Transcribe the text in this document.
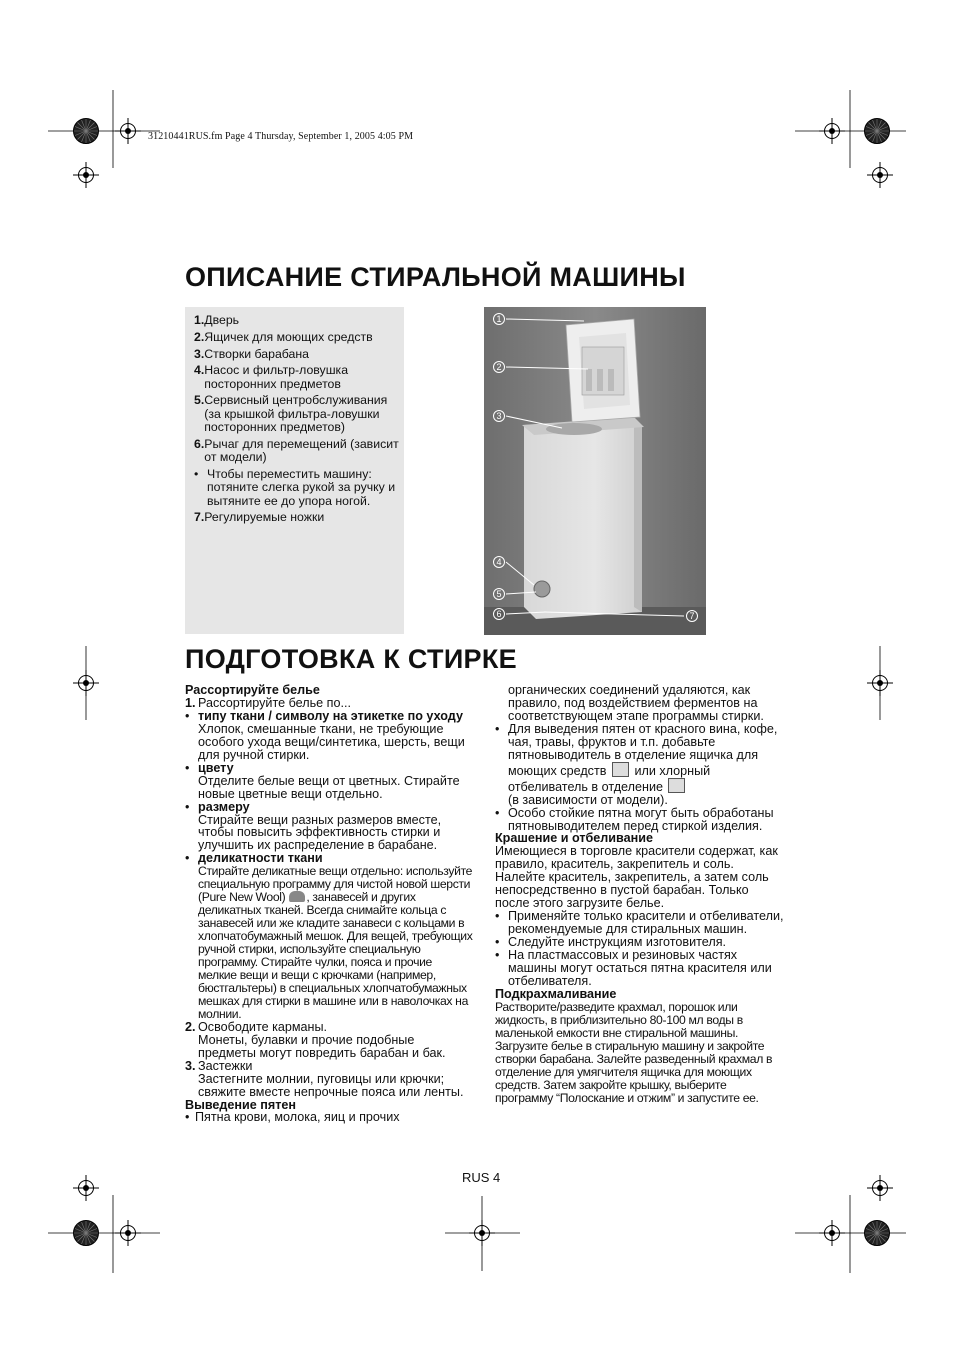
31210441RUS.fm Page 4 Thursday, September 1, 2005 4:05 PM
ОПИСАНИЕ СТИРАЛЬНОЙ МАШИНЫ
1. Дверь
2. Ящичек для моющих средств
3. Створки барабана
4. Насос и фильтр-ловушка посторонних предметов
5. Сервисный центробслуживания (за крышкой фильтра-ловушки посторонних предметов)
6. Рычаг для перемещений (зависит от модели)
• Чтобы переместить машину: потяните слегка рукой за ручку и вытяните ее до упора ногой.
7. Регулируемые ножки
1
2
3
4
5
6	7
ПОДГОТОВКА К СТИРКЕ
Рассортируйте белье
1. Рассортируйте белье по...
• типу ткани / символу на этикетке по уходу
Хлопок, смешанные ткани, не требующие особого ухода вещи/синтетика, шерсть, вещи для ручной стирки.
• цвету
Отделите белые вещи от цветных. Стирайте новые цветные вещи отдельно.
• размеру
Стирайте вещи разных размеров вместе, чтобы повысить эффективность стирки и улучшить их распределение в барабане.
• деликатности ткани
Стирайте деликатные вещи отдельно: используйте специальную программу для чистой новой шерсти (Pure New Wool) , занавесей и других деликатных тканей. Всегда снимайте кольца с занавесей или же кладите занавеси с кольцами в хлопчатобумажный мешок. Для вещей, требующих ручной стирки, используйте специальную программу. Стирайте чулки, пояса и прочие мелкие вещи и вещи с крючками (например, бюстгальтеры) в специальных хлопчатобумажных мешках для стирки в машине или в наволочках на молнии.
2. Освободите карманы.
Монеты, булавки и прочие подобные предметы могут повредить барабан и бак.
3. Застежки
Застегните молнии, пуговицы или крючки; свяжите вместе непрочные пояса или ленты.
Выведение пятен
• Пятна крови, молока, яиц и прочих
органических соединений удаляются, как правило, под воздействием ферментов на соответствующем этапе программы стирки.
• Для выведения пятен от красного вина, кофе, чая, травы, фруктов и т.п. добавьте пятновыводитель в отделение ящичка для моющих средств или хлорный отбеливатель в отделение
(в зависимости от модели).
• Особо стойкие пятна могут быть обработаны пятновыводителем перед стиркой изделия.
Крашение и отбеливание
Имеющиеся в торговле красители содержат, как правило, краситель, закрепитель и соль. Налейте краситель, закрепитель, а затем соль непосредственно в пустой барабан. Только после этого загрузите белье.
• Применяйте только красители и отбеливатели, рекомендуемые для стиральных машин.
• Следуйте инструкциям изготовителя.
• На пластмассовых и резиновых частях машины могут остаться пятна красителя или отбеливателя.
Подкрахмаливание
Растворите/разведите крахмал, порошок или жидкость, в приблизительно 80-100 мл воды в маленькой емкости вне стиральной машины. Загрузите белье в стиральную машину и закройте створки барабана. Залейте разведенный крахмал в отделение для умягчителя ящичка для моющих средств. Затем закройте крышку, выберите программу “Полоскание и отжим” и запустите ее.
RUS 4
